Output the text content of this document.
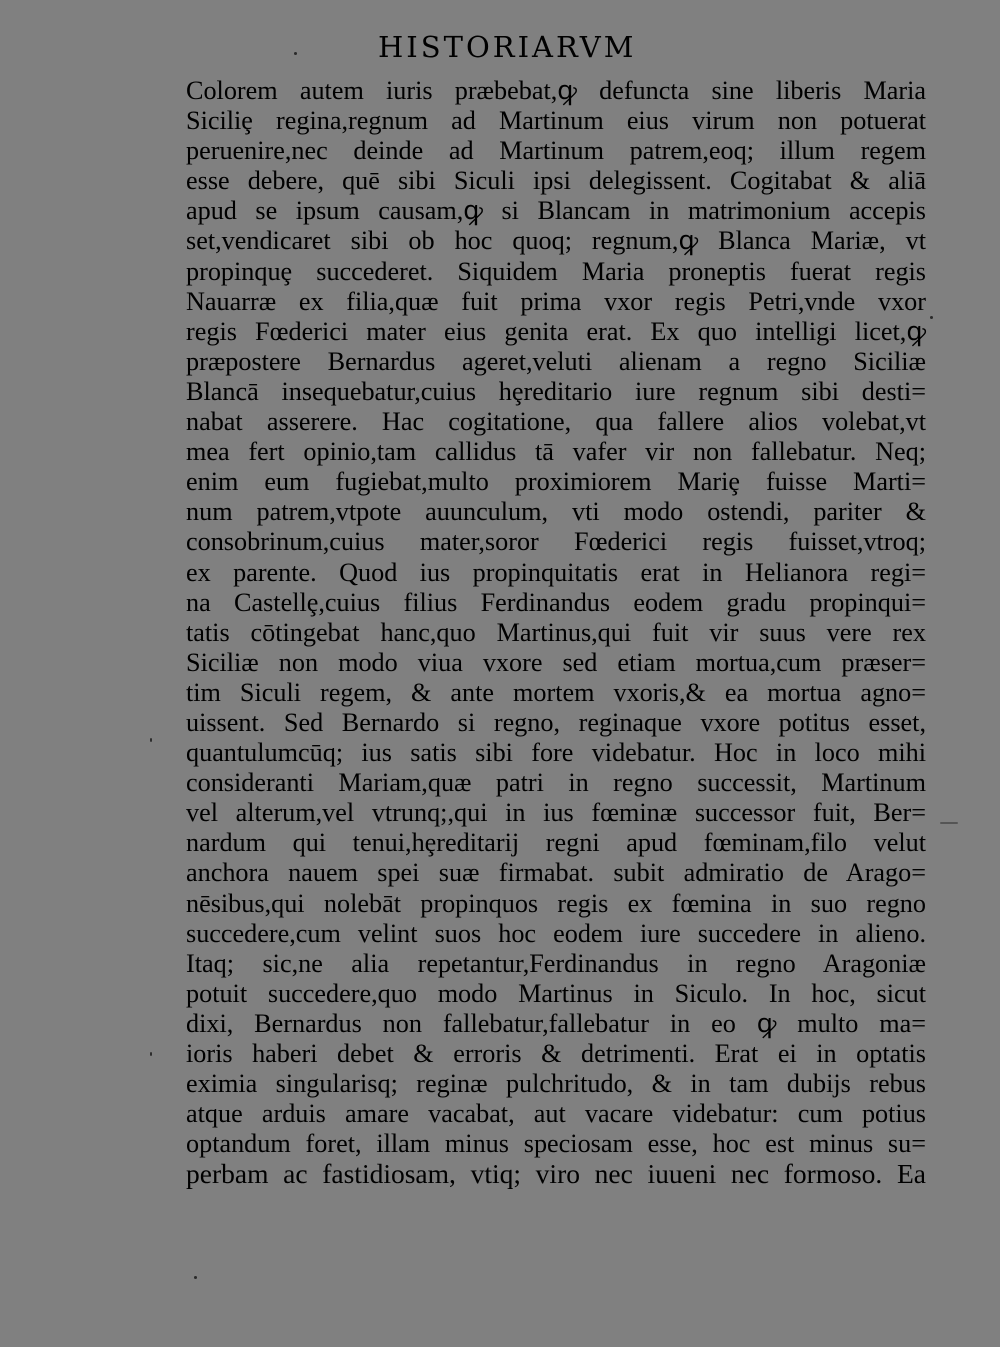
HISTORIARVM
Colorem autem iuris præbebat,ꝙ defuncta sine liberis Maria
Siciliȩ regina,regnum ad Martinum eius virum non potuerat
peruenire,nec deinde ad Martinum patrem,eoq; illum regem
esse debere, quē sibi Siculi ipsi delegissent. Cogitabat & aliā
apud se ipsum causam,ꝙ si Blancam in matrimonium accepis
set,vendicaret sibi ob hoc quoq; regnum,ꝙ Blanca Mariæ, vt
propinquȩ succederet. Siquidem Maria proneptis fuerat regis
Nauarræ ex filia,quæ fuit prima vxor regis Petri,vnde vxor
regis Fœderici mater eius genita erat. Ex quo intelligi licet,ꝙ
præpostere Bernardus ageret,veluti alienam a regno Siciliæ
Blancā insequebatur,cuius hȩreditario iure regnum sibi desti=
nabat asserere. Hac cogitatione, qua fallere alios volebat,vt
mea fert opinio,tam callidus tā vafer vir non fallebatur. Neq;
enim eum fugiebat,multo proximiorem Mariȩ fuisse Marti=
num patrem,vtpote auunculum, vti modo ostendi, pariter &
consobrinum,cuius mater,soror Fœderici regis fuisset,vtroq;
ex parente. Quod ius propinquitatis erat in Helianora regi=
na Castellȩ,cuius filius Ferdinandus eodem gradu propinqui=
tatis cōtingebat hanc,quo Martinus,qui fuit vir suus vere rex
Siciliæ non modo viua vxore sed etiam mortua,cum præser=
tim Siculi regem, & ante mortem vxoris,& ea mortua agno=
uissent. Sed Bernardo si regno, reginaque vxore potitus esset,
quantulumcūq; ius satis sibi fore videbatur. Hoc in loco mihi
consideranti Mariam,quæ patri in regno successit, Martinum
vel alterum,vel vtrunq;,qui in ius fœminæ successor fuit, Ber=
nardum qui tenui,hȩreditarij regni apud fœminam,filo velut
anchora nauem spei suæ firmabat. subit admiratio de Arago=
nēsibus,qui nolebāt propinquos regis ex fœmina in suo regno
succedere,cum velint suos hoc eodem iure succedere in alieno.
Itaq; sic,ne alia repetantur,Ferdinandus in regno Aragoniæ
potuit succedere,quo modo Martinus in Siculo. In hoc, sicut
dixi, Bernardus non fallebatur,fallebatur in eo ꝙ multo ma=
ioris haberi debet & erroris & detrimenti. Erat ei in optatis
eximia singularisq; reginæ pulchritudo, & in tam dubijs rebus
atque arduis amare vacabat, aut vacare videbatur: cum potius
optandum foret, illam minus speciosam esse, hoc est minus su=
perbam ac fastidiosam, vtiq; viro nec iuueni nec formoso. Ea
